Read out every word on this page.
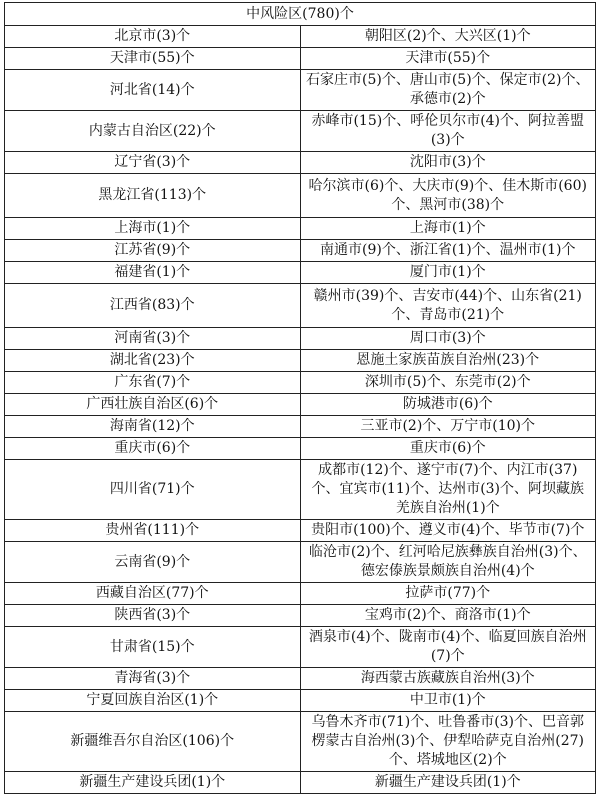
中风险区(780)个	
北京市(3)个	朝阳区(2)个、大兴区(1)个
天津市(55)个	天津市(55)个
河北省(14)个	石家庄市(5)个、唐山市(5)个、保定市(2)个、承德市(2)个
内蒙古自治区(22)个	赤峰市(15)个、呼伦贝尔市(4)个、阿拉善盟(3)个
辽宁省(3)个	沈阳市(3)个
黑龙江省(113)个	哈尔滨市(6)个、大庆市(9)个、佳木斯市(60)个、黑河市(38)个
上海市(1)个	上海市(1)个
江苏省(9)个	南通市(9)个、浙江省(1)个、温州市(1)个
福建省(1)个	厦门市(1)个
江西省(83)个	赣州市(39)个、吉安市(44)个、山东省(21)个、青岛市(21)个
河南省(3)个	周口市(3)个
湖北省(23)个	恩施土家族苗族自治州(23)个
广东省(7)个	深圳市(5)个、东莞市(2)个
广西壮族自治区(6)个	防城港市(6)个
海南省(12)个	三亚市(2)个、万宁市(10)个
重庆市(6)个	重庆市(6)个
四川省(71)个	成都市(12)个、遂宁市(7)个、内江市(37)个、宜宾市(11)个、达州市(3)个、阿坝藏族羌族自治州(1)个
贵州省(111)个	贵阳市(100)个、遵义市(4)个、毕节市(7)个
云南省(9)个	临沧市(2)个、红河哈尼族彝族自治州(3)个、德宏傣族景颇族自治州(4)个
西藏自治区(77)个	拉萨市(77)个
陕西省(3)个	宝鸡市(2)个、商洛市(1)个
甘肃省(15)个	酒泉市(4)个、陇南市(4)个、临夏回族自治州(7)个
青海省(3)个	海西蒙古族藏族自治州(3)个
宁夏回族自治区(1)个	中卫市(1)个
新疆维吾尔自治区(106)个	乌鲁木齐市(71)个、吐鲁番市(3)个、巴音郭楞蒙古自治州(3)个、伊犁哈萨克自治州(27)个、塔城地区(2)个
新疆生产建设兵团(1)个	新疆生产建设兵团(1)个
